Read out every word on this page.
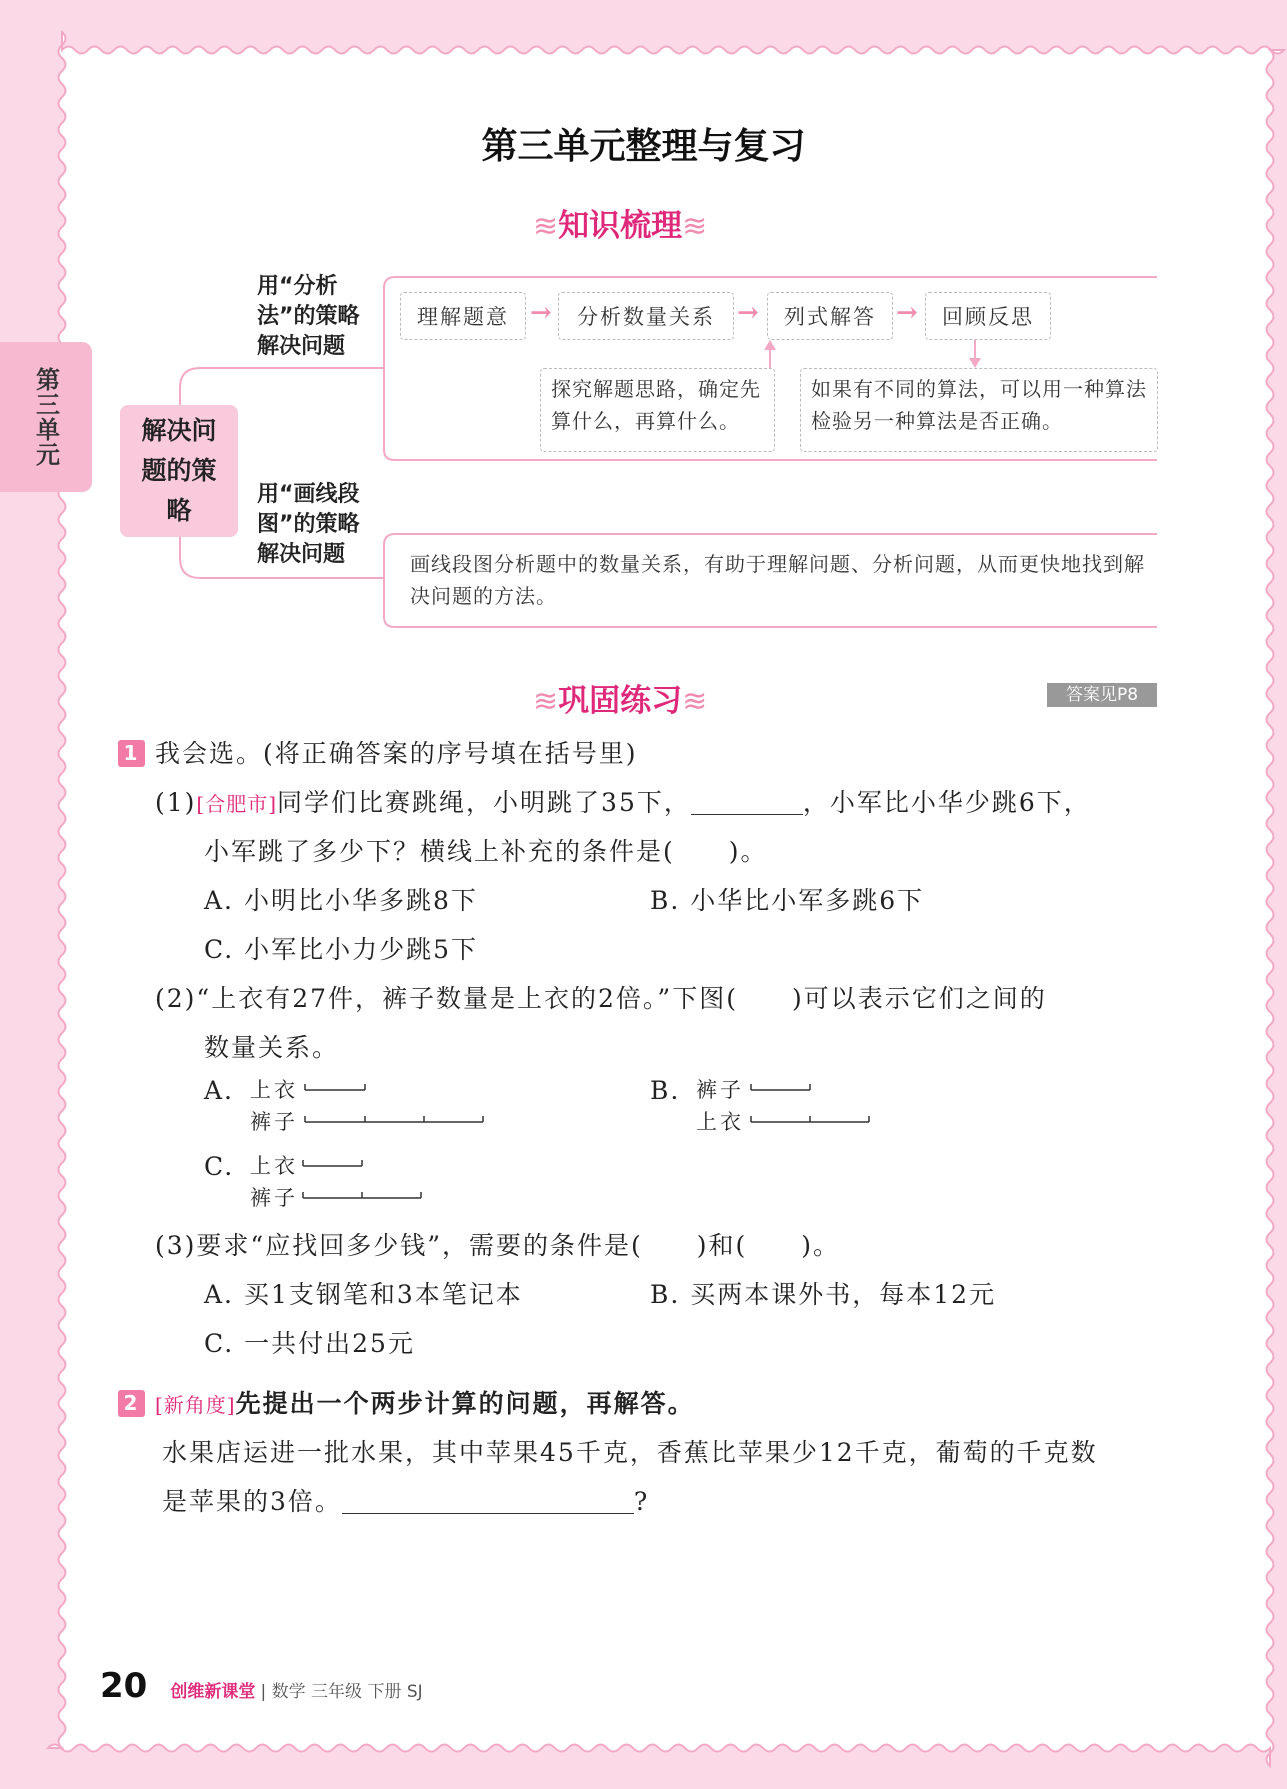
第三单元
第三单元整理与复习
≋知识梳理≋
解决问题的策略
用“分析法”的策略解决问题
理解题意 →	分析数量关系 →	列式解答 →	回顾反思
探究解题思路，确定先算什么，再算什么。
如果有不同的算法，可以用一种算法检验另一种算法是否正确。
用“画线段图”的策略解决问题	画线段图分析题中的数量关系，有助于理解问题、分析问题，从而更快地找到解决问题的方法。
≋巩固练习≋	答案见P8
1 我会选。(将正确答案的序号填在括号里)
(1)[合肥市]同学们比赛跳绳，小明跳了35下，	，小军比小华少跳6下，
小军跳了多少下？横线上补充的条件是(　　)。
A. 小明比小华多跳8下	B. 小华比小军多跳6下
C. 小军比小力少跳5下
(2)“上衣有27件，裤子数量是上衣的2倍。”下图(　　)可以表示它们之间的
数量关系。
A. 上衣
裤子
B. 裤子
上衣
C. 上衣
裤子
(3)要求“应找回多少钱”，需要的条件是(　　)和(　　)。
A. 买1支钢笔和3本笔记本	B. 买两本课外书，每本12元
C. 一共付出25元
2 [新角度]先提出一个两步计算的问题，再解答。
水果店运进一批水果，其中苹果45千克，香蕉比苹果少12千克，葡萄的千克数
是苹果的3倍。	?
20 创维新课堂 | 数学 三年级 下册 SJ
